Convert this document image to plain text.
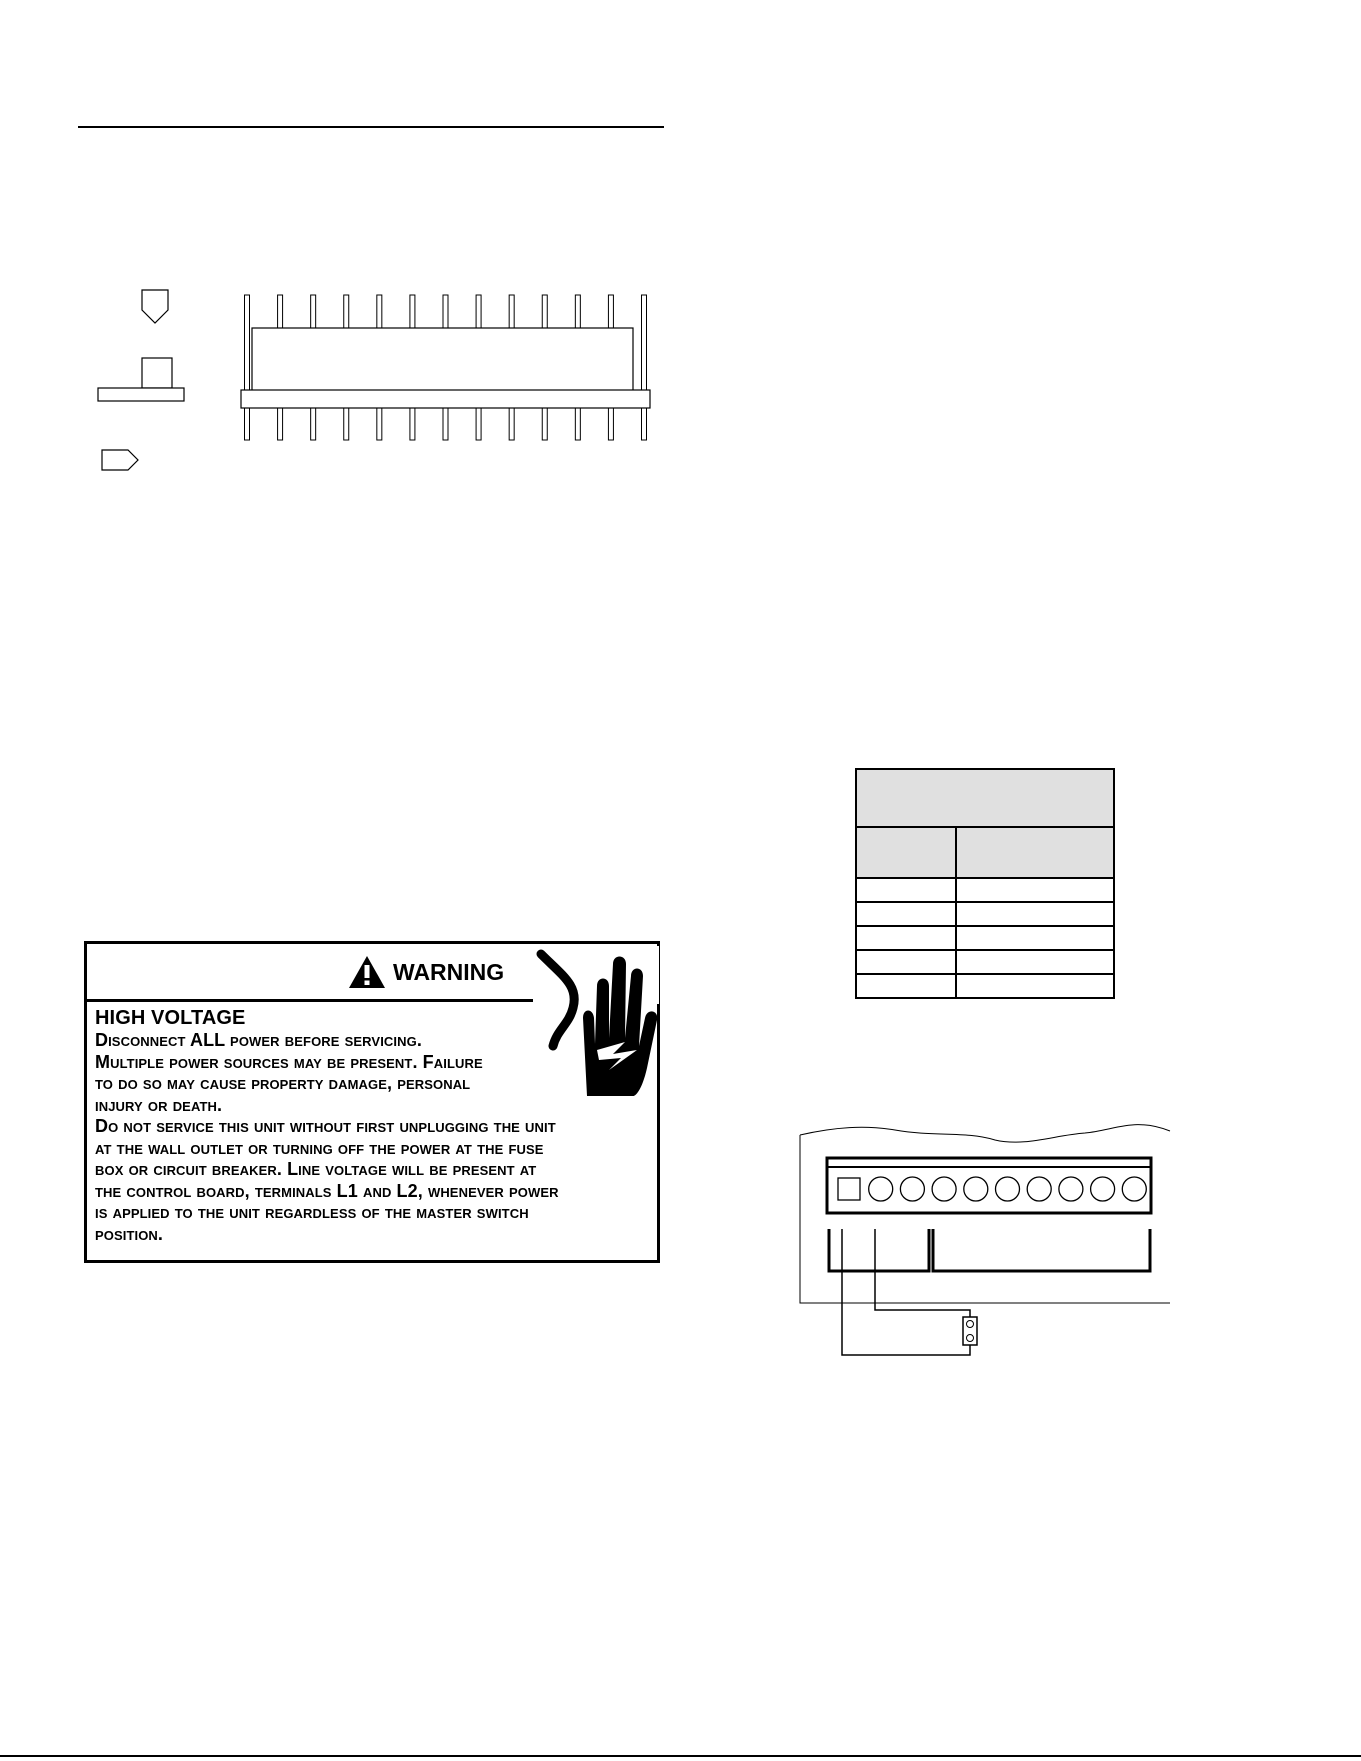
WARNING
HIGH VOLTAGE
Disconnect ALL power before servicing.
Multiple power sources may be present. Failure
to do so may cause property damage, personal
injury or death.
Do not service this unit without first unplugging the unit
at the wall outlet or turning off the power at the fuse
box or circuit breaker. Line voltage will be present at
the control board, terminals L1 and L2, whenever power
is applied to the unit regardless of the master switch
position.
